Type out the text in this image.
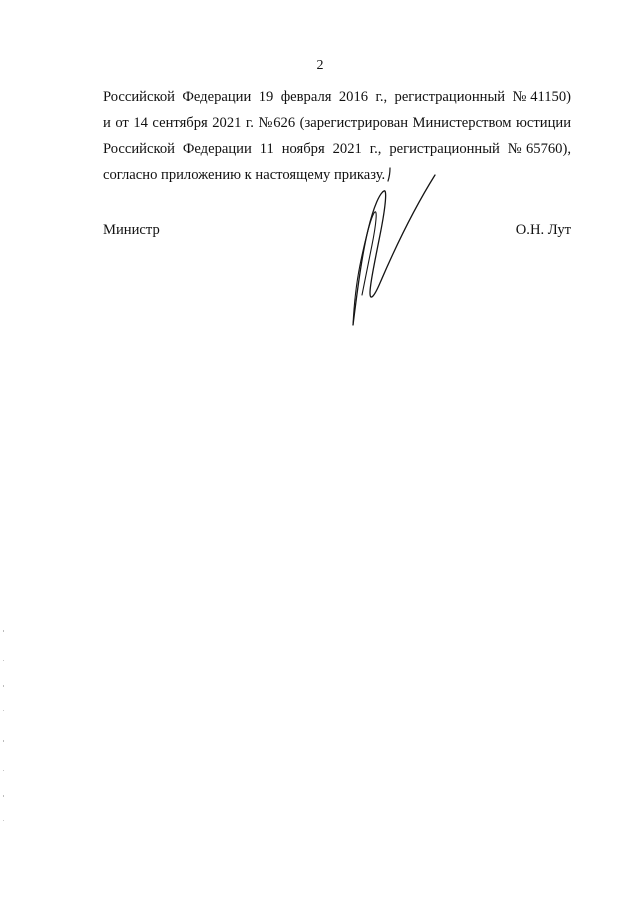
2
Российской Федерации 19 февраля 2016 г., регистрационный №41150)
и от 14 сентября 2021 г. №626 (зарегистрирован Министерством юстиции
Российской Федерации 11 ноября 2021 г., регистрационный №65760),
согласно приложению к настоящему приказу.
Министр	О.Н. Лут
